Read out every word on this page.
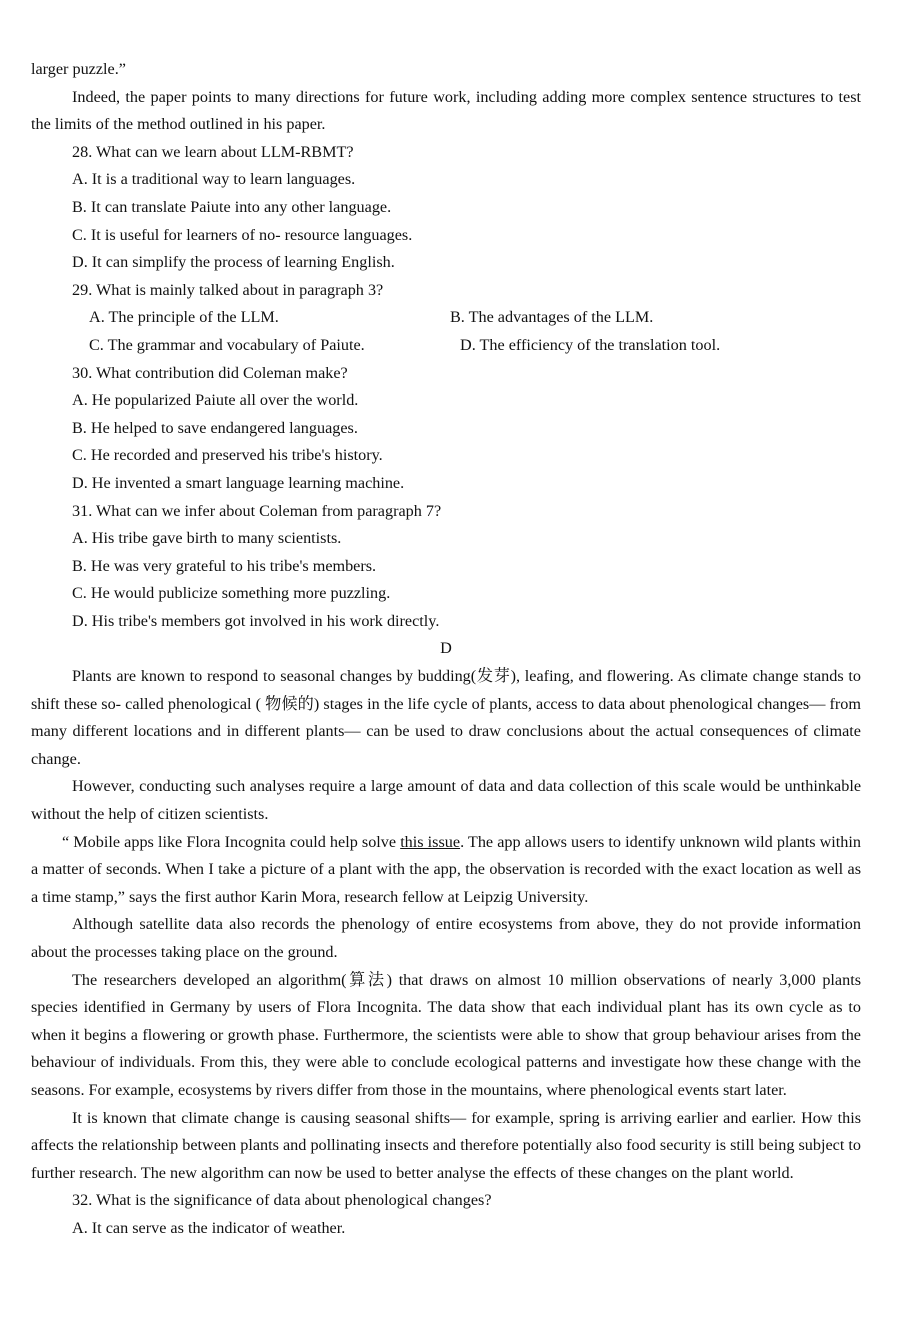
larger puzzle.”

Indeed, the paper points to many directions for future work, including adding more complex sentence structures to test the limits of the method outlined in his paper.

28. What can we learn about LLM-RBMT?
A. It is a traditional way to learn languages.
B. It can translate Paiute into any other language.
C. It is useful for learners of no- resource languages.
D. It can simplify the process of learning English.
29. What is mainly talked about in paragraph 3?
A. The principle of the LLM.	B. The advantages of the LLM.
C. The grammar and vocabulary of Paiute.	D. The efficiency of the translation tool.
30. What contribution did Coleman make?
A. He popularized Paiute all over the world.
B. He helped to save endangered languages.
C. He recorded and preserved his tribe's history.
D. He invented a smart language learning machine.
31. What can we infer about Coleman from paragraph 7?
A. His tribe gave birth to many scientists.
B. He was very grateful to his tribe's members.
C. He would publicize something more puzzling.
D. His tribe's members got involved in his work directly.
D

Plants are known to respond to seasonal changes by budding(发芽), leafing, and flowering. As climate change stands to shift these so- called phenological ( 物候的) stages in the life cycle of plants, access to data about phenological changes— from many different locations and in different plants— can be used to draw conclusions about the actual consequences of climate change.

However, conducting such analyses require a large amount of data and data collection of this scale would be unthinkable without the help of citizen scientists.

“ Mobile apps like Flora Incognita could help solve this issue. The app allows users to identify unknown wild plants within a matter of seconds. When I take a picture of a plant with the app, the observation is recorded with the exact location as well as a time stamp,” says the first author Karin Mora, research fellow at Leipzig University.

Although satellite data also records the phenology of entire ecosystems from above, they do not provide information about the processes taking place on the ground.

The researchers developed an algorithm(算法) that draws on almost 10 million observations of nearly 3,000 plants species identified in Germany by users of Flora Incognita. The data show that each individual plant has its own cycle as to when it begins a flowering or growth phase. Furthermore, the scientists were able to show that group behaviour arises from the behaviour of individuals. From this, they were able to conclude ecological patterns and investigate how these change with the seasons. For example, ecosystems by rivers differ from those in the mountains, where phenological events start later.

It is known that climate change is causing seasonal shifts— for example, spring is arriving earlier and earlier. How this affects the relationship between plants and pollinating insects and therefore potentially also food security is still being subject to further research. The new algorithm can now be used to better analyse the effects of these changes on the plant world.

32. What is the significance of data about phenological changes?
A. It can serve as the indicator of weather.
